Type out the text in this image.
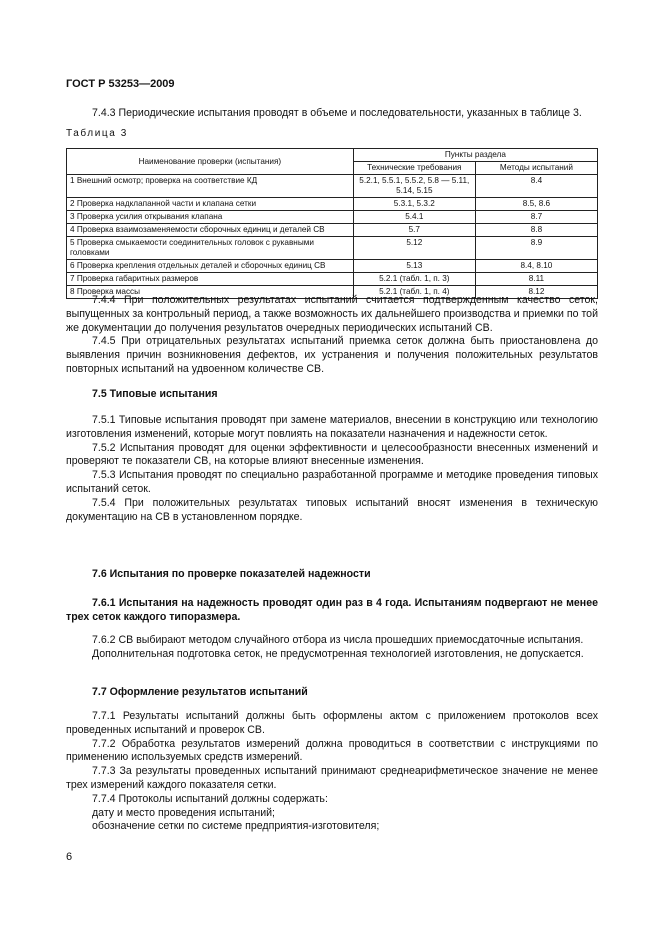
ГОСТ Р 53253—2009

7.4.3 Периодические испытания проводят в объеме и последовательности, указанных в таблице 3.

Таблица 3
Наименование проверки (испытания)	Пункты раздела	
	Технические требования	Методы испытаний
1 Внешний осмотр; проверка на соответствие КД	5.2.1, 5.5.1, 5.5.2, 5.8 — 5.11, 5.14, 5.15	8.4
2 Проверка надклапанной части и клапана сетки	5.3.1, 5.3.2	8.5, 8.6
3 Проверка усилия открывания клапана	5.4.1	8.7
4 Проверка взаимозаменяемости сборочных единиц и деталей СВ	5.7	8.8
5 Проверка смыкаемости соединительных головок с рукавными головками	5.12	8.9
6 Проверка крепления отдельных деталей и сборочных единиц СВ	5.13	8.4, 8.10
7 Проверка габаритных размеров	5.2.1 (табл. 1, п. 3)	8.11
8 Проверка массы	5.2.1 (табл. 1, п. 4)	8.12

7.4.4 При положительных результатах испытаний считается подтвержденным качество сеток, выпущенных за контрольный период, а также возможность их дальнейшего производства и приемки по той же документации до получения результатов очередных периодических испытаний СВ.

7.4.5 При отрицательных результатах испытаний приемка сеток должна быть приостановлена до выявления причин возникновения дефектов, их устранения и получения положительных результатов повторных испытаний на удвоенном количестве СВ.

7.5 Типовые испытания

7.5.1 Типовые испытания проводят при замене материалов, внесении в конструкцию или технологию изготовления изменений, которые могут повлиять на показатели назначения и надежности сеток.

7.5.2 Испытания проводят для оценки эффективности и целесообразности внесенных изменений и проверяют те показатели СВ, на которые влияют внесенные изменения.

7.5.3 Испытания проводят по специально разработанной программе и методике проведения типовых испытаний сеток.

7.5.4 При положительных результатах типовых испытаний вносят изменения в техническую документацию на СВ в установленном порядке.

7.6 Испытания по проверке показателей надежности

7.6.1 Испытания на надежность проводят один раз в 4 года. Испытаниям подвергают не менее трех сеток каждого типоразмера.

7.6.2 СВ выбирают методом случайного отбора из числа прошедших приемосдаточные испытания.

Дополнительная подготовка сеток, не предусмотренная технологией изготовления, не допускается.

7.7 Оформление результатов испытаний

7.7.1 Результаты испытаний должны быть оформлены актом с приложением протоколов всех проведенных испытаний и проверок СВ.

7.7.2 Обработка результатов измерений должна проводиться в соответствии с инструкциями по применению используемых средств измерений.

7.7.3 За результаты проведенных испытаний принимают среднеарифметическое значение не менее трех измерений каждого показателя сетки.

7.7.4 Протоколы испытаний должны содержать:

дату и место проведения испытаний;

обозначение сетки по системе предприятия-изготовителя;

6
